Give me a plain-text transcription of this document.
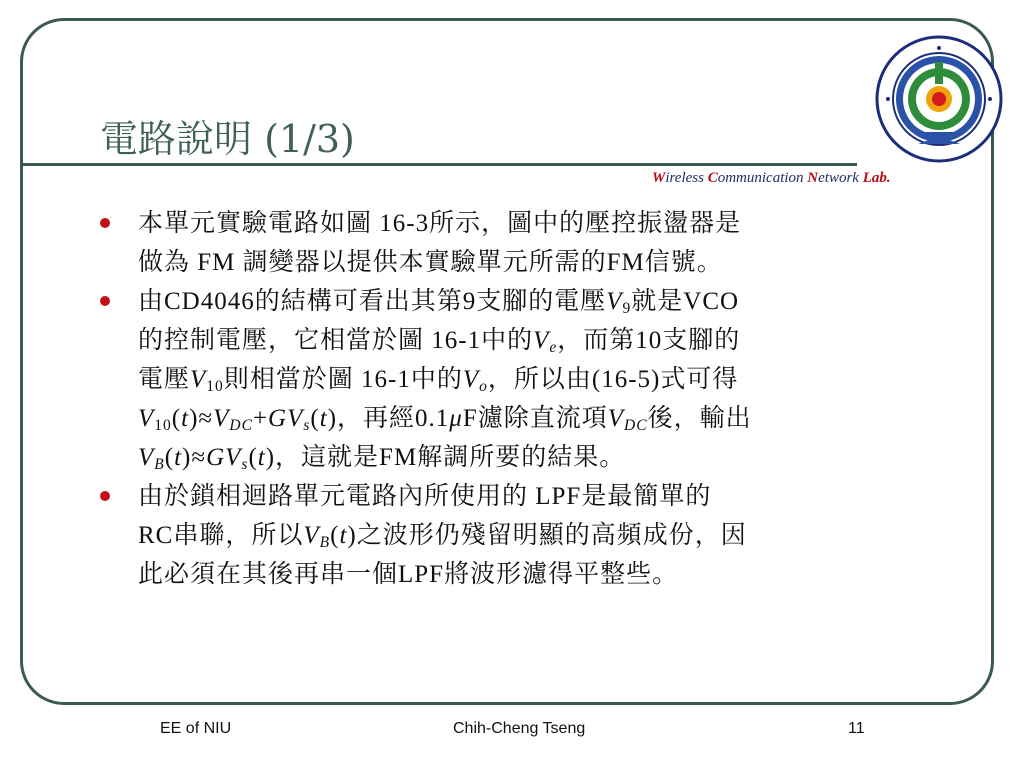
電路說明 (1/3)
Wireless Communication Network Lab.
本單元實驗電路如圖 16-3所示，圖中的壓控振盪器是
做為 FM 調變器以提供本實驗單元所需的FM信號。
由CD4046的結構可看出其第9支腳的電壓$V_9$就是VCO
的控制電壓，它相當於圖 16-1中的$V_e$，而第10支腳的
電壓$V_{10}$則相當於圖 16-1中的$V_o$，所以由(16-5)式可得
$V_{10}(t)\approx V_{DC}+GV_s(t)$，再經0.1μF濾除直流項$V_{DC}$後，輸出
$V_B(t)\approx GV_s(t)$，這就是FM解調所要的結果。
由於鎖相迴路單元電路內所使用的 LPF是最簡單的
RC串聯，所以$V_B(t)$之波形仍殘留明顯的高頻成份，因
此必須在其後再串一個LPF將波形濾得平整些。
EE of NIU	Chih-Cheng Tseng	11
